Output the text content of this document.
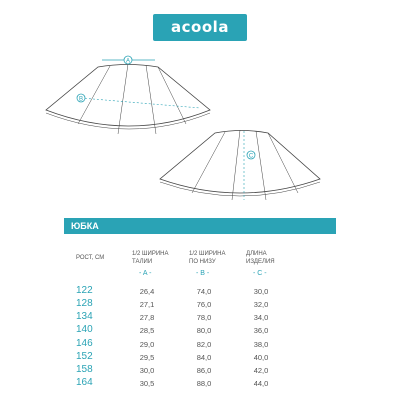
acoola
A
B
C
ЮБКА
РОСТ, СМ
1/2 ШИРИНА
ТАЛИИ
1/2 ШИРИНА
ПО НИЗУ
ДЛИНА
ИЗДЕЛИЯ
- A -	- B -	- C -
122	26,4	74,0	30,0
128	27,1	76,0	32,0
134	27,8	78,0	34,0
140	28,5	80,0	36,0
146	29,0	82,0	38,0
152	29,5	84,0	40,0
158	30,0	86,0	42,0
164	30,5	88,0	44,0
